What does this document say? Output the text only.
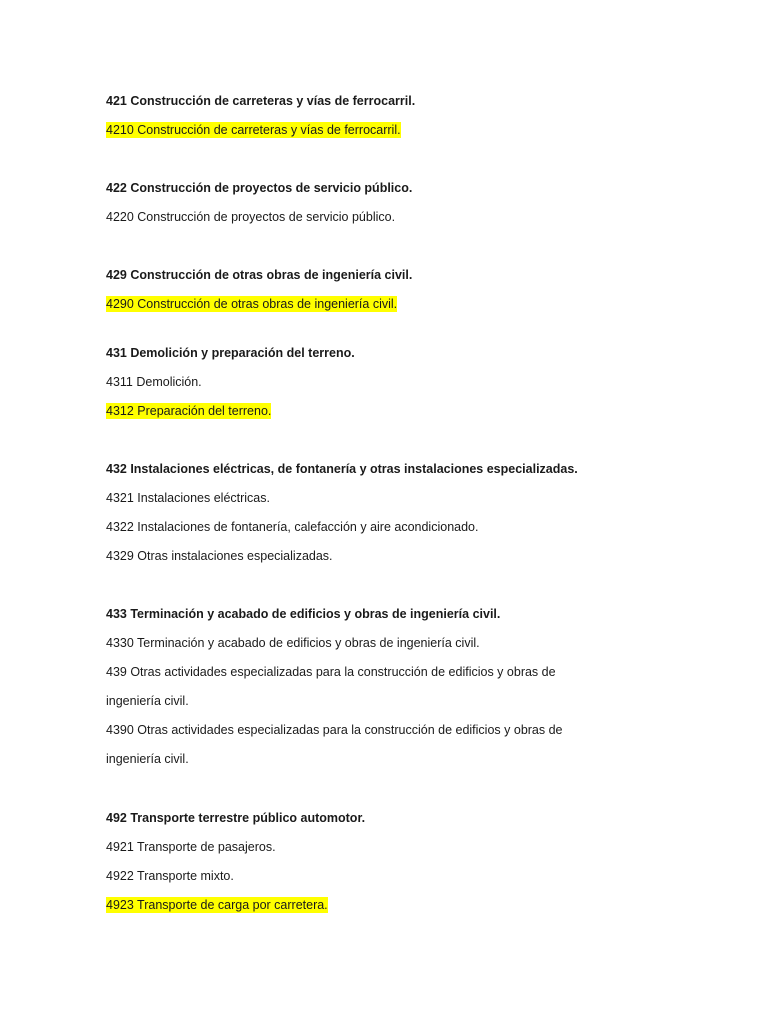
421 Construcción de carreteras y vías de ferrocarril.
4210 Construcción de carreteras y vías de ferrocarril.
422 Construcción de proyectos de servicio público.
4220 Construcción de proyectos de servicio público.
429 Construcción de otras obras de ingeniería civil.
4290 Construcción de otras obras de ingeniería civil.
431 Demolición y preparación del terreno.
4311 Demolición.
4312 Preparación del terreno.
432 Instalaciones eléctricas, de fontanería y otras instalaciones especializadas.
4321 Instalaciones eléctricas.
4322 Instalaciones de fontanería, calefacción y aire acondicionado.
4329 Otras instalaciones especializadas.
433 Terminación y acabado de edificios y obras de ingeniería civil.
4330 Terminación y acabado de edificios y obras de ingeniería civil.
439 Otras actividades especializadas para la construcción de edificios y obras de
ingeniería civil.
4390 Otras actividades especializadas para la construcción de edificios y obras de
ingeniería civil.
492 Transporte terrestre público automotor.
4921 Transporte de pasajeros.
4922 Transporte mixto.
4923 Transporte de carga por carretera.
